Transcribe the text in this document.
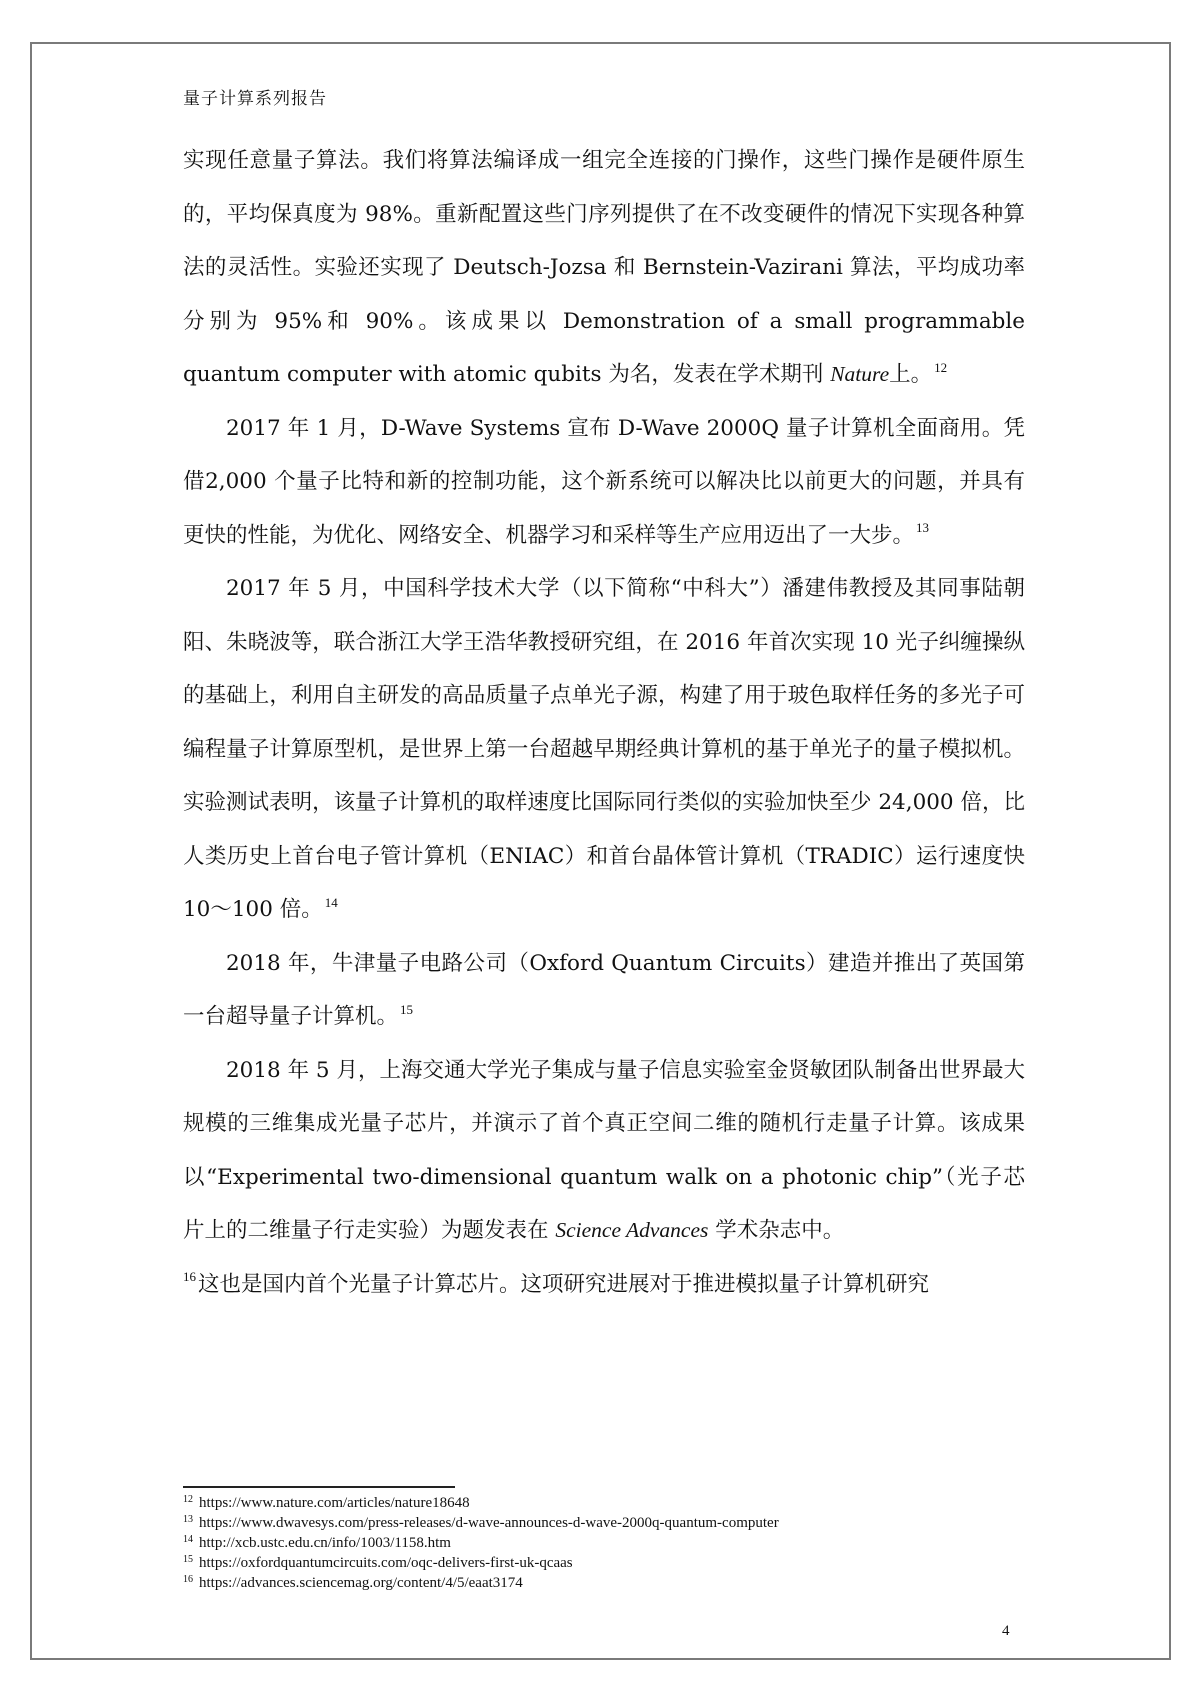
量子计算系列报告

实现任意量子算法。我们将算法编译成一组完全连接的门操作，这些门操作是硬件原生的，平均保真度为 98%。重新配置这些门序列提供了在不改变硬件的情况下实现各种算法的灵活性。实验还实现了 Deutsch-Jozsa 和 Bernstein-Vazirani 算法，平均成功率分别为 95%和 90%。该成果以 Demonstration of a small programmable quantum computer with atomic qubits 为名，发表在学术期刊 Nature上。 $^{12}$

2017 年 1 月，D-Wave Systems 宣布 D-Wave 2000Q 量子计算机全面商用。凭借2,000 个量子比特和新的控制功能，这个新系统可以解决比以前更大的问题，并具有更快的性能，为优化、网络安全、机器学习和采样等生产应用迈出了一大步。 $^{13}$

2017 年 5 月，中国科学技术大学（以下简称“中科大”）潘建伟教授及其同事陆朝阳、朱晓波等，联合浙江大学王浩华教授研究组，在 2016 年首次实现 10 光子纠缠操纵的基础上，利用自主研发的高品质量子点单光子源，构建了用于玻色取样任务的多光子可编程量子计算原型机，是世界上第一台超越早期经典计算机的基于单光子的量子模拟机。实验测试表明，该量子计算机的取样速度比国际同行类似的实验加快至少 24,000 倍，比人类历史上首台电子管计算机（ENIAC）和首台晶体管计算机（TRADIC）运行速度快 10～100 倍。 $^{14}$

2018 年，牛津量子电路公司（Oxford Quantum Circuits）建造并推出了英国第一台超导量子计算机。 $^{15}$

2018 年 5 月，上海交通大学光子集成与量子信息实验室金贤敏团队制备出世界最大规模的三维集成光量子芯片，并演示了首个真正空间二维的随机行走量子计算。该成果以“Experimental two-dimensional quantum walk on a photonic chip”（光子芯片上的二维量子行走实验）为题发表在 Science Advances 学术杂志中。

$^{16}$这也是国内首个光量子计算芯片。这项研究进展对于推进模拟量子计算机研究

$^{12}$ https://www.nature.com/articles/nature18648
$^{13}$ https://www.dwavesys.com/press-releases/d-wave-announces-d-wave-2000q-quantum-computer
$^{14}$ http://xcb.ustc.edu.cn/info/1003/1158.htm
$^{15}$ https://oxfordquantumcircuits.com/oqc-delivers-first-uk-qcaas
$^{16}$ https://advances.sciencemag.org/content/4/5/eaat3174
4
